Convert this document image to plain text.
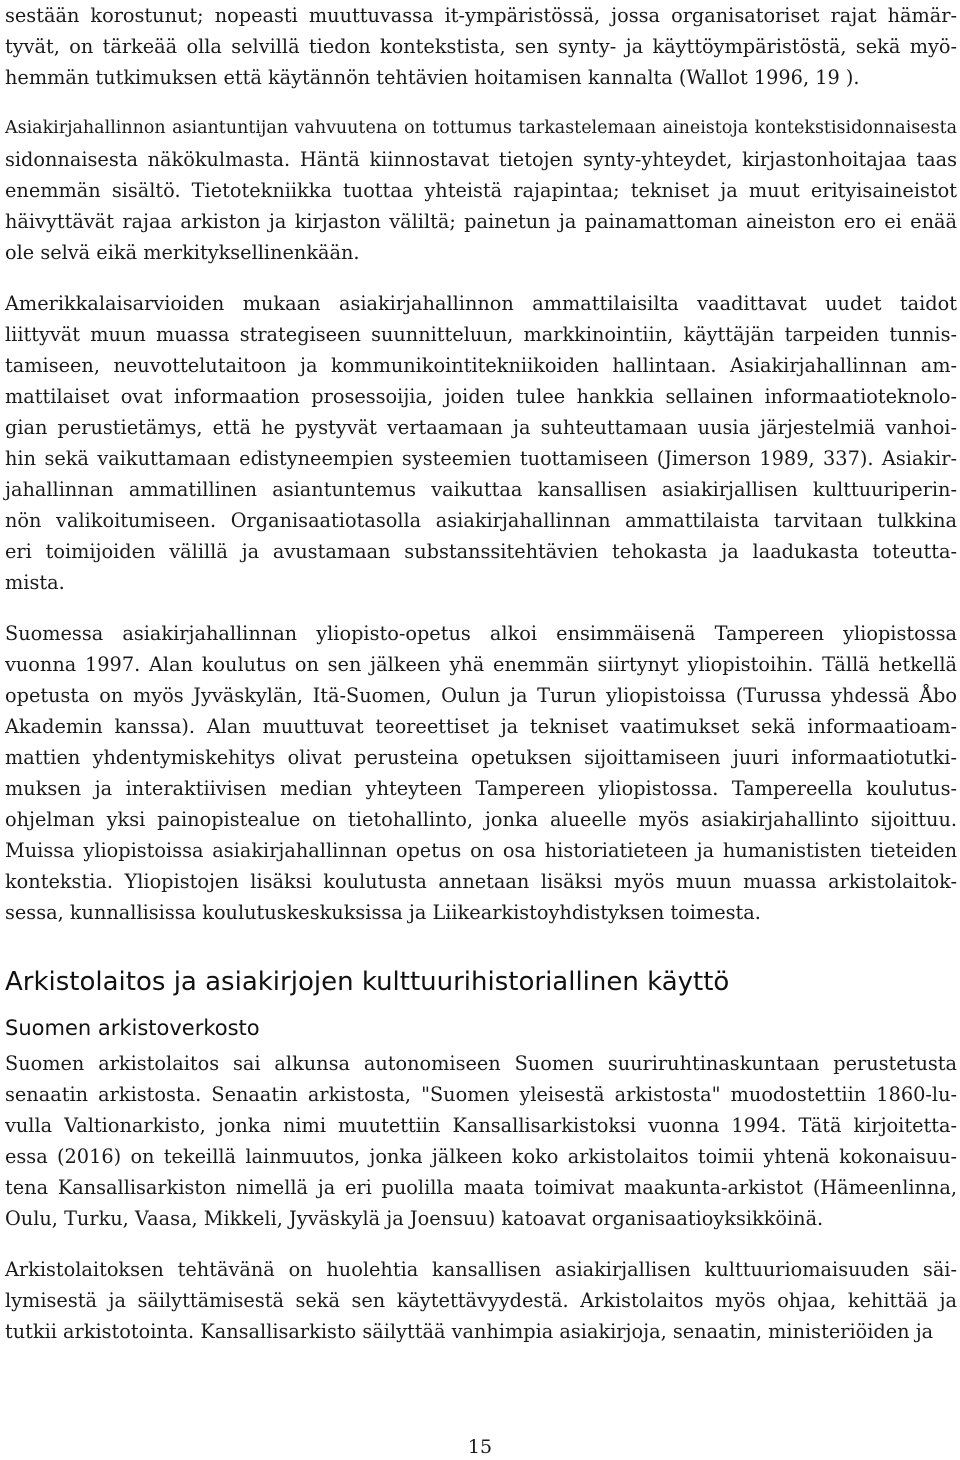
sestään korostunut; nopeasti muuttuvassa it-ympäristössä, jossa organisatoriset rajat hämär-
tyvät, on tärkeää olla selvillä tiedon kontekstista, sen synty- ja käyttöympäristöstä, sekä myö-
hemmän tutkimuksen että käytännön tehtävien hoitamisen kannalta (Wallot 1996, 19 ).

Asiakirjahallinnon asiantuntijan vahvuutena on tottumus tarkastelemaan aineistoja kontekstisidonnaisesta
sidonnaisesta näkökulmasta. Häntä kiinnostavat tietojen synty-yhteydet, kirjastonhoitajaa taas
enemmän sisältö. Tietotekniikka tuottaa yhteistä rajapintaa; tekniset ja muut erityisaineistot
häivyttävät rajaa arkiston ja kirjaston väliltä; painetun ja painamattoman aineiston ero ei enää
ole selvä eikä merkityksellinenkään.

Amerikkalaisarvioiden mukaan asiakirjahallinnon ammattilaisilta vaadittavat uudet taidot
liittyvät muun muassa strategiseen suunnitteluun, markkinointiin, käyttäjän tarpeiden tunnis-
tamiseen, neuvottelutaitoon ja kommunikointitekniikoiden hallintaan. Asiakirjahallinnan am-
mattilaiset ovat informaation prosessoijia, joiden tulee hankkia sellainen informaatioteknolo-
gian perustietämys, että he pystyvät vertaamaan ja suhteuttamaan uusia järjestelmiä vanhoi-
hin sekä vaikuttamaan edistyneempien systeemien tuottamiseen (Jimerson 1989, 337). Asiakir-
jahallinnan ammatillinen asiantuntemus vaikuttaa kansallisen asiakirjallisen kulttuuriperin-
nön valikoitumiseen. Organisaatiotasolla asiakirjahallinnan ammattilaista tarvitaan tulkkina
eri toimijoiden välillä ja avustamaan substanssitehtävien tehokasta ja laadukasta toteutta-
mista.

Suomessa asiakirjahallinnan yliopisto-opetus alkoi ensimmäisenä Tampereen yliopistossa
vuonna 1997. Alan koulutus on sen jälkeen yhä enemmän siirtynyt yliopistoihin. Tällä hetkellä
opetusta on myös Jyväskylän, Itä-Suomen, Oulun ja Turun yliopistoissa (Turussa yhdessä Åbo
Akademin kanssa). Alan muuttuvat teoreettiset ja tekniset vaatimukset sekä informaatioam-
mattien yhdentymiskehitys olivat perusteina opetuksen sijoittamiseen juuri informaatiotutki-
muksen ja interaktiivisen median yhteyteen Tampereen yliopistossa. Tampereella koulutus-
ohjelman yksi painopistealue on tietohallinto, jonka alueelle myös asiakirjahallinto sijoittuu.
Muissa yliopistoissa asiakirjahallinnan opetus on osa historiatieteen ja humanististen tieteiden
kontekstia. Yliopistojen lisäksi koulutusta annetaan lisäksi myös muun muassa arkistolaitok-
sessa, kunnallisissa koulutuskeskuksissa ja Liikearkistoyhdistyksen toimesta.

Arkistolaitos ja asiakirjojen kulttuurihistoriallinen käyttö
Suomen arkistoverkosto

Suomen arkistolaitos sai alkunsa autonomiseen Suomen suuriruhtinaskuntaan perustetusta
senaatin arkistosta. Senaatin arkistosta, "Suomen yleisestä arkistosta" muodostettiin 1860-lu-
vulla Valtionarkisto, jonka nimi muutettiin Kansallisarkistoksi vuonna 1994. Tätä kirjoitetta-
essa (2016) on tekeillä lainmuutos, jonka jälkeen koko arkistolaitos toimii yhtenä kokonaisuu-
tena Kansallisarkiston nimellä ja eri puolilla maata toimivat maakunta-arkistot (Hämeenlinna,
Oulu, Turku, Vaasa, Mikkeli, Jyväskylä ja Joensuu) katoavat organisaatioyksikköinä.

Arkistolaitoksen tehtävänä on huolehtia kansallisen asiakirjallisen kulttuuriomaisuuden säi-
lymisestä ja säilyttämisestä sekä sen käytettävyydestä. Arkistolaitos myös ohjaa, kehittää ja
tutkii arkistotointa. Kansallisarkisto säilyttää vanhimpia asiakirjoja, senaatin, ministeriöiden ja

15
